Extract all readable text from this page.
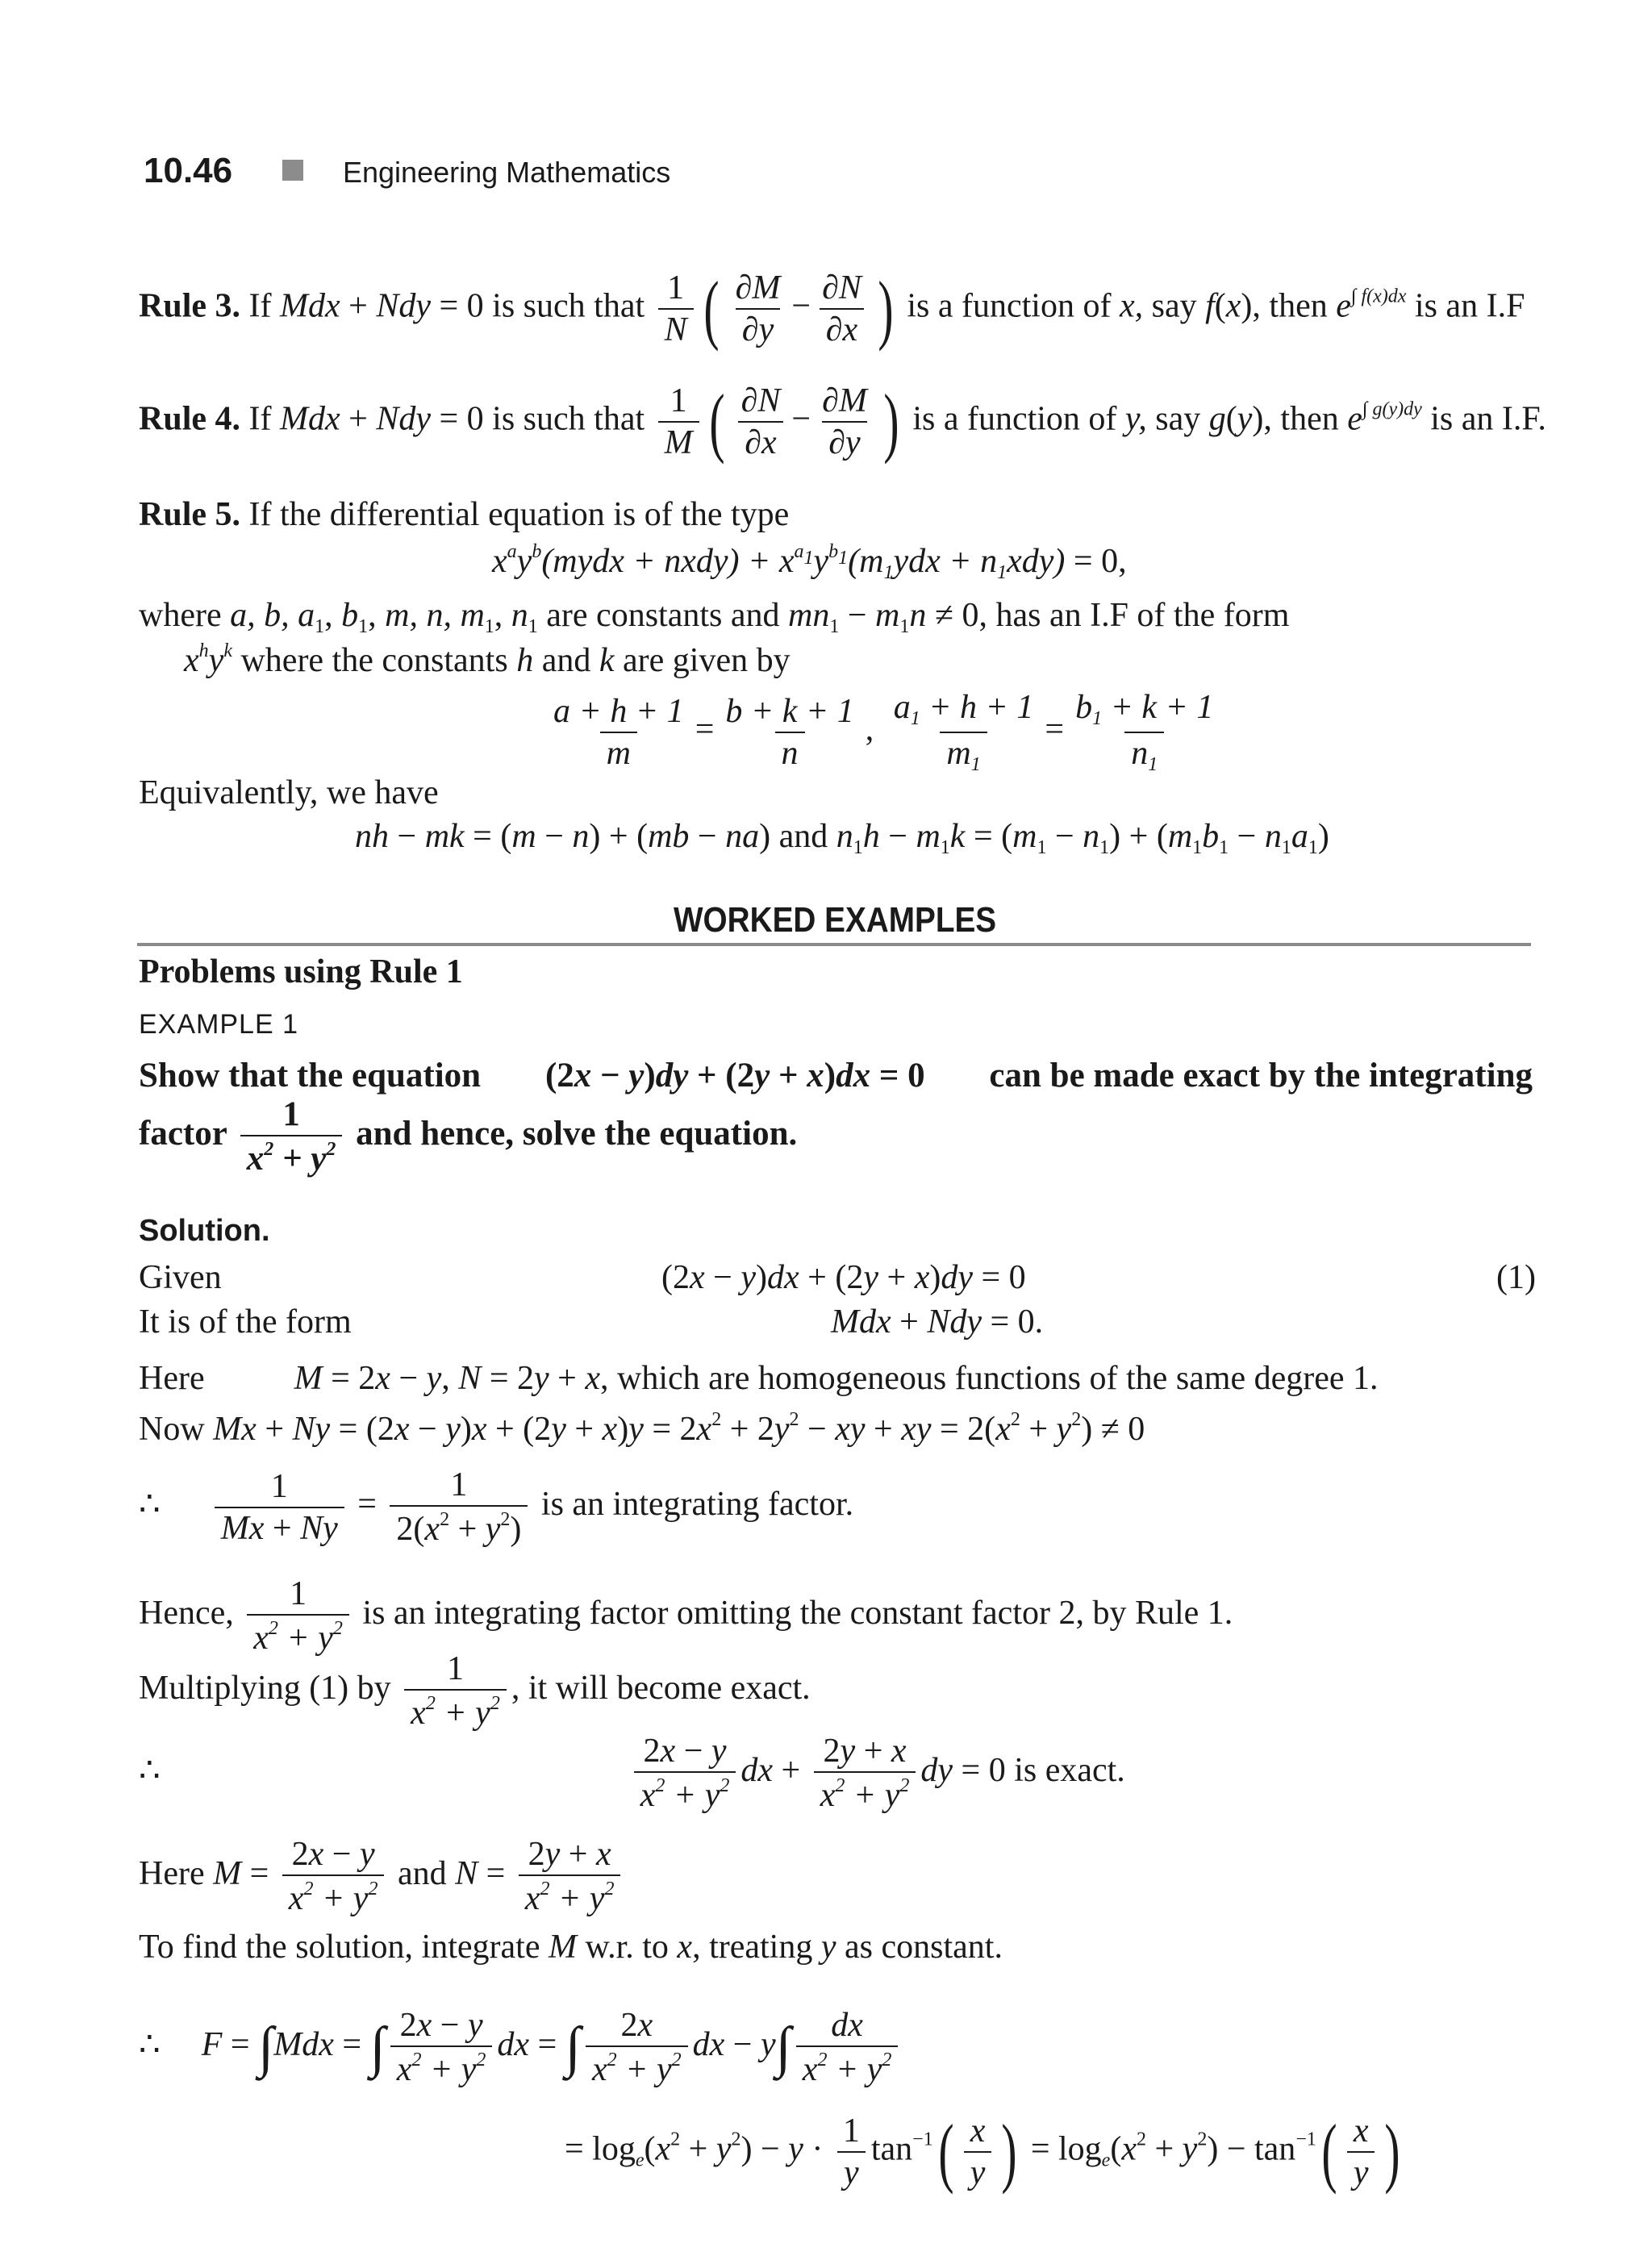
10.46	Engineering Mathematics
Rule 3. If Mdx + Ndy = 0 is such that $\frac{1}{N}$ ( $\frac{\partial M}{\partial y} - \frac{\partial N}{\partial x}$ ) is a function of x, say f(x), then $e^{\int f(x)dx}$ is an I.F
Rule 4. If Mdx + Ndy = 0 is such that $\frac{1}{M}$ ( $\frac{\partial N}{\partial x} - \frac{\partial M}{\partial y}$ ) is a function of y, say g(y), then $e^{\int g(y)dy}$ is an I.F.
Rule 5. If the differential equation is of the type
$x^ay^b(mydx$ + nxdy) + $x^{a_1}y^{b_1}(m_1ydx + n_1xdy) = 0$,
where a, b, $a_1$, $b_1$, m, n, $m_1$, $n_1$ are constants and $mn_1 - m_1n \ne 0$, has an I.F of the form
$x^hy^k$ where the constants h and k are given by
$\frac{a + h + 1}{m} = \frac{b + k + 1}{n}$ , $\frac{a_1 + h + 1}{m_1} = \frac{b_1 + k + 1}{n_1}$
Equivalently, we have
nh − mk = (m − n) + (mb − na) and $n_1h - m_1k = (m_1 - n_1) + (m_1b_1 - n_1a_1)$
WORKED EXAMPLES
Problems using Rule 1
EXAMPLE 1
Show that the equation (2x − y)dy + (2y + x)dx = 0 can be made exact by the integrating
factor $\frac{1}{x^2 + y^2}$ and hence, solve the equation.
Solution.
Given	(2x − y)dx + (2y + x)dy = 0	(1)
It is of the form	Mdx + Ndy = 0.
Here	M = 2x − y, N = 2y + x, which are homogeneous functions of the same degree 1.
Now $Mx + Ny = (2x - y)x + (2y + x)y = 2x^2 + 2y^2$ − xy + xy = $2(x^2 + y^2) \ne 0$
∴ $\frac{1}{Mx + Ny} = \frac{1}{2(x^2 + y^2)}$ is an integrating factor.
Hence, $\frac{1}{x^2 + y^2}$ is an integrating factor omitting the constant factor 2, by Rule 1.
Multiplying (1) by $\frac{1}{x^2 + y^2}$ , it will become exact.
∴	$\frac{2x - y}{x^2 + y^2}$ dx + $\frac{2y + x}{x^2 + y^2}$ dy = 0 is exact.
Here $M = \frac{2x - y}{x^2 + y^2}$ and $N = \frac{2y + x}{x^2 + y^2}$
To find the solution, integrate M w.r. to x, treating y as constant.
∴ F = ∫Mdx = ∫ $\frac{2x - y}{x^2 + y^2}$ dx = ∫ $\frac{2x}{x^2 + y^2}$ dx − $y\int \frac{dx}{x^2 + y^2}$
= $\log_e(x^2 + y^2) - y \cdot \frac{1}{y} \tan^{-1}( \frac{x}{y}$ ) = $\log_e(x^2 + y^2) - \tan^{-1}( \frac{x}{y}$ )
